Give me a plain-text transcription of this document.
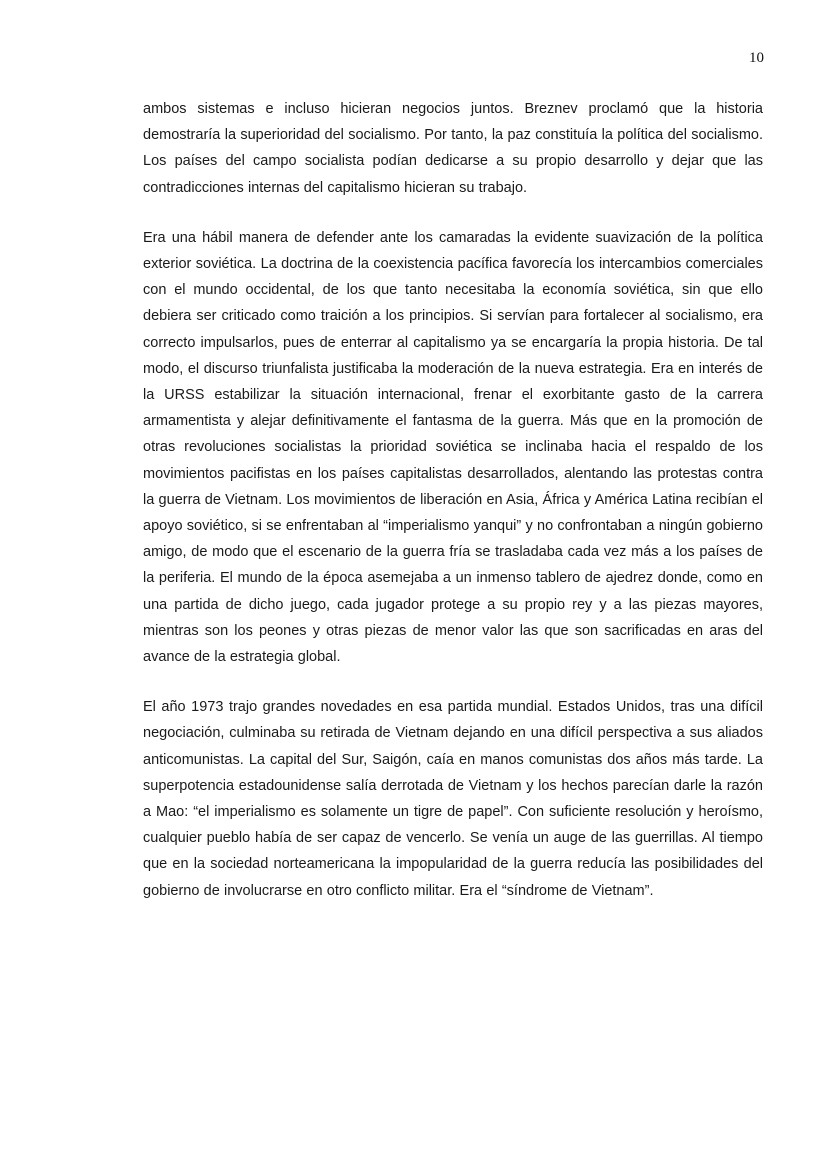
10

ambos sistemas e incluso hicieran negocios juntos. Breznev proclamó que la historia demostraría la superioridad del socialismo. Por tanto, la paz constituía la política del socialismo. Los países del campo socialista podían dedicarse a su propio desarrollo y dejar que las contradicciones internas del capitalismo hicieran su trabajo.

Era una hábil manera de defender ante los camaradas la evidente suavización de la política exterior soviética. La doctrina de la coexistencia pacífica favorecía los intercambios comerciales con el mundo occidental, de los que tanto necesitaba la economía soviética, sin que ello debiera ser criticado como traición a los principios. Si servían para fortalecer al socialismo, era correcto impulsarlos, pues de enterrar al capitalismo ya se encargaría la propia historia. De tal modo, el discurso triunfalista justificaba la moderación de la nueva estrategia. Era en interés de la URSS estabilizar la situación internacional, frenar el exorbitante gasto de la carrera armamentista y alejar definitivamente el fantasma de la guerra. Más que en la promoción de otras revoluciones socialistas la prioridad soviética se inclinaba hacia el respaldo de los movimientos pacifistas en los países capitalistas desarrollados, alentando las protestas contra la guerra de Vietnam. Los movimientos de liberación en Asia, África y América Latina recibían el apoyo soviético, si se enfrentaban al “imperialismo yanqui” y no confrontaban a ningún gobierno amigo, de modo que el escenario de la guerra fría se trasladaba cada vez más a los países de la periferia. El mundo de la época asemejaba a un inmenso tablero de ajedrez donde, como en una partida de dicho juego, cada jugador protege a su propio rey y a las piezas mayores, mientras son los peones y otras piezas de menor valor las que son sacrificadas en aras del avance de la estrategia global.

El año 1973 trajo grandes novedades en esa partida mundial. Estados Unidos, tras una difícil negociación, culminaba su retirada de Vietnam dejando en una difícil perspectiva a sus aliados anticomunistas. La capital del Sur, Saigón, caía en manos comunistas dos años más tarde. La superpotencia estadounidense salía derrotada de Vietnam y los hechos parecían darle la razón a Mao: “el imperialismo es solamente un tigre de papel”. Con suficiente resolución y heroísmo, cualquier pueblo había de ser capaz de vencerlo. Se venía un auge de las guerrillas. Al tiempo que en la sociedad norteamericana la impopularidad de la guerra reducía las posibilidades del gobierno de involucrarse en otro conflicto militar. Era el “síndrome de Vietnam”.
